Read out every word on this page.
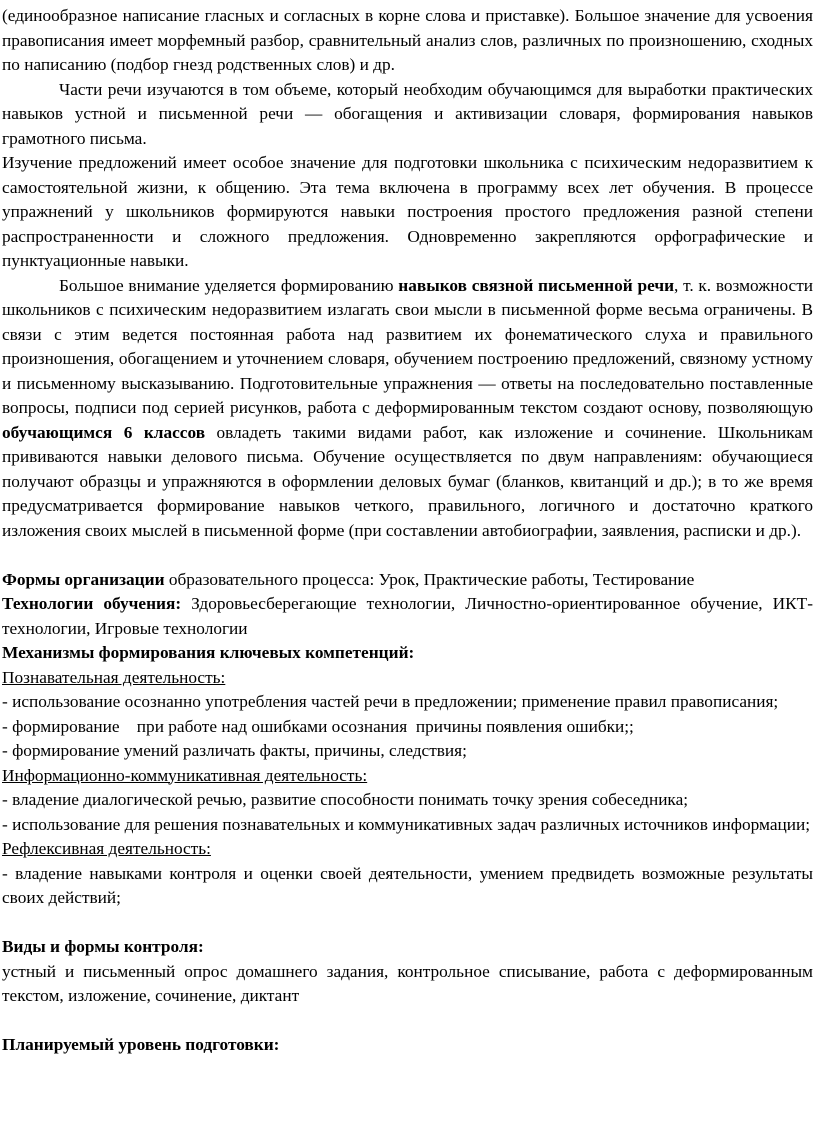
(единообразное написание гласных и согласных в корне слова и приставке). Большое значение для усвоения правописания имеет морфемный разбор, сравнительный анализ слов, различных по произношению, сходных по написанию (подбор гнезд родственных слов) и др.

Части речи изучаются в том объеме, который необходим обучающимся для выработки практических навыков устной и письменной речи — обогащения и активизации словаря, формирования навыков грамотного письма.

Изучение предложений имеет особое значение для подготовки школьника с психическим недоразвитием к самостоятельной жизни, к общению. Эта тема включена в программу всех лет обучения. В процессе упражнений у школьников формируются навыки построения простого предложения разной степени распространенности и сложного предложения. Одновременно закрепляются орфографические и пунктуационные навыки.

Большое внимание уделяется формированию навыков связной письменной речи, т. к. возможности школьников с психическим недоразвитием излагать свои мысли в письменной форме весьма ограничены. В связи с этим ведется постоянная работа над развитием их фонематического слуха и правильного произношения, обогащением и уточнением словаря, обучением построению предложений, связному устному и письменному высказыванию. Подготовительные упражнения — ответы на последовательно поставленные вопросы, подписи под серией рисунков, работа с деформированным текстом создают основу, позволяющую обучающимся 6 классов овладеть такими видами работ, как изложение и сочинение. Школьникам прививаются навыки делового письма. Обучение осуществляется по двум направлениям: обучающиеся получают образцы и упражняются в оформлении деловых бумаг (бланков, квитанций и др.); в то же время предусматривается формирование навыков четкого, правильного, логичного и достаточно краткого изложения своих мыслей в письменной форме (при составлении автобиографии, заявления, расписки и др.).

Формы организации образовательного процесса: Урок, Практические работы, Тестирование

Технологии обучения: Здоровьесберегающие технологии, Личностно-ориентированное обучение, ИКТ-технологии, Игровые технологии

Механизмы формирования ключевых компетенций:

Познавательная деятельность:

- использование осознанно употребления частей речи в предложении; применение правил правописания;

- формирование    при работе над ошибками осознания  причины появления ошибки;;

- формирование умений различать факты, причины, следствия;

Информационно-коммуникативная деятельность:

- владение диалогической речью, развитие способности понимать точку зрения собеседника;

- использование для решения познавательных и коммуникативных задач различных источников информации;

Рефлексивная деятельность:

- владение навыками контроля и оценки своей деятельности, умением предвидеть возможные результаты своих действий;

Виды и формы контроля:

устный и письменный опрос домашнего задания, контрольное списывание, работа с деформированным текстом, изложение, сочинение, диктант

Планируемый уровень подготовки:
